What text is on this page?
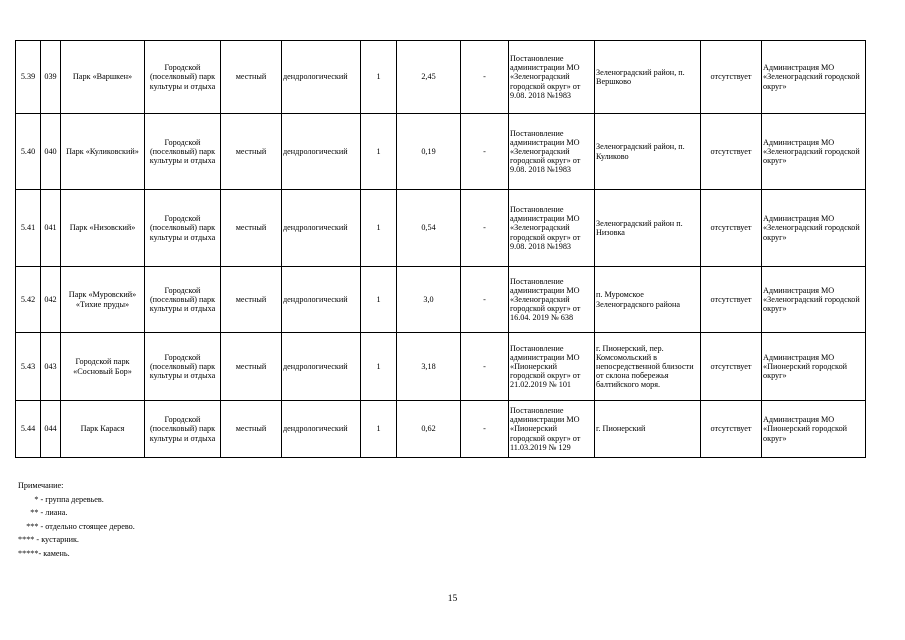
5.39	039	Парк «Варшкен»	Городской (поселковый) парк культуры и отдыха	местный	дендрологический	1	2,45	-	Постановление администрации МО «Зеленоградский городской округ» от 9.08. 2018 №1983	Зеленоградский район, п. Вершково	отсутствует	Администрация МО «Зеленоградский городской округ»
5.40	040	Парк «Куликовский»	Городской (поселковый) парк культуры и отдыха	местный	дендрологический	1	0,19	-	Постановление администрации МО «Зеленоградский городской округ» от 9.08. 2018 №1983	Зеленоградский район, п. Куликово	отсутствует	Администрация МО «Зеленоградский городской округ»
5.41	041	Парк «Низовский»	Городской (поселковый) парк культуры и отдыха	местный	дендрологический	1	0,54	-	Постановление администрации МО «Зеленоградский городской округ» от 9.08. 2018 №1983	Зеленоградский район п. Низовка	отсутствует	Администрация МО «Зеленоградский городской округ»
5.42	042	Парк «Муровский» «Тихие пруды»	Городской (поселковый) парк культуры и отдыха	местный	дендрологический	1	3,0	-	Постановление администрации МО «Зеленоградский городской округ» от 16.04. 2019 № 638	п. Муромское Зеленоградского района	отсутствует	Администрация МО «Зеленоградский городской округ»
5.43	043	Городской парк «Сосновый Бор»	Городской (поселковый) парк культуры и отдыха	местный	дендрологический	1	3,18	-	Постановление администрации МО «Пионерский городской округ» от 21.02.2019 № 101	г. Пионерский, пер. Комсомольский в непосредственной близости от склона побережья балтийского моря.	отсутствует	Администрация МО «Пионерский городской округ»
5.44	044	Парк Карася	Городской (поселковый) парк культуры и отдыха	местный	дендрологический	1	0,62	-	Постановление администрации МО «Пионерский городской округ» от 11.03.2019 № 129	г. Пионерский	отсутствует	Администрация МО «Пионерский городской округ»
Примечание:
* - группа деревьев.
** - лиана.
*** - отдельно стоящее дерево.
**** - кустарник.
*****- камень.
15
